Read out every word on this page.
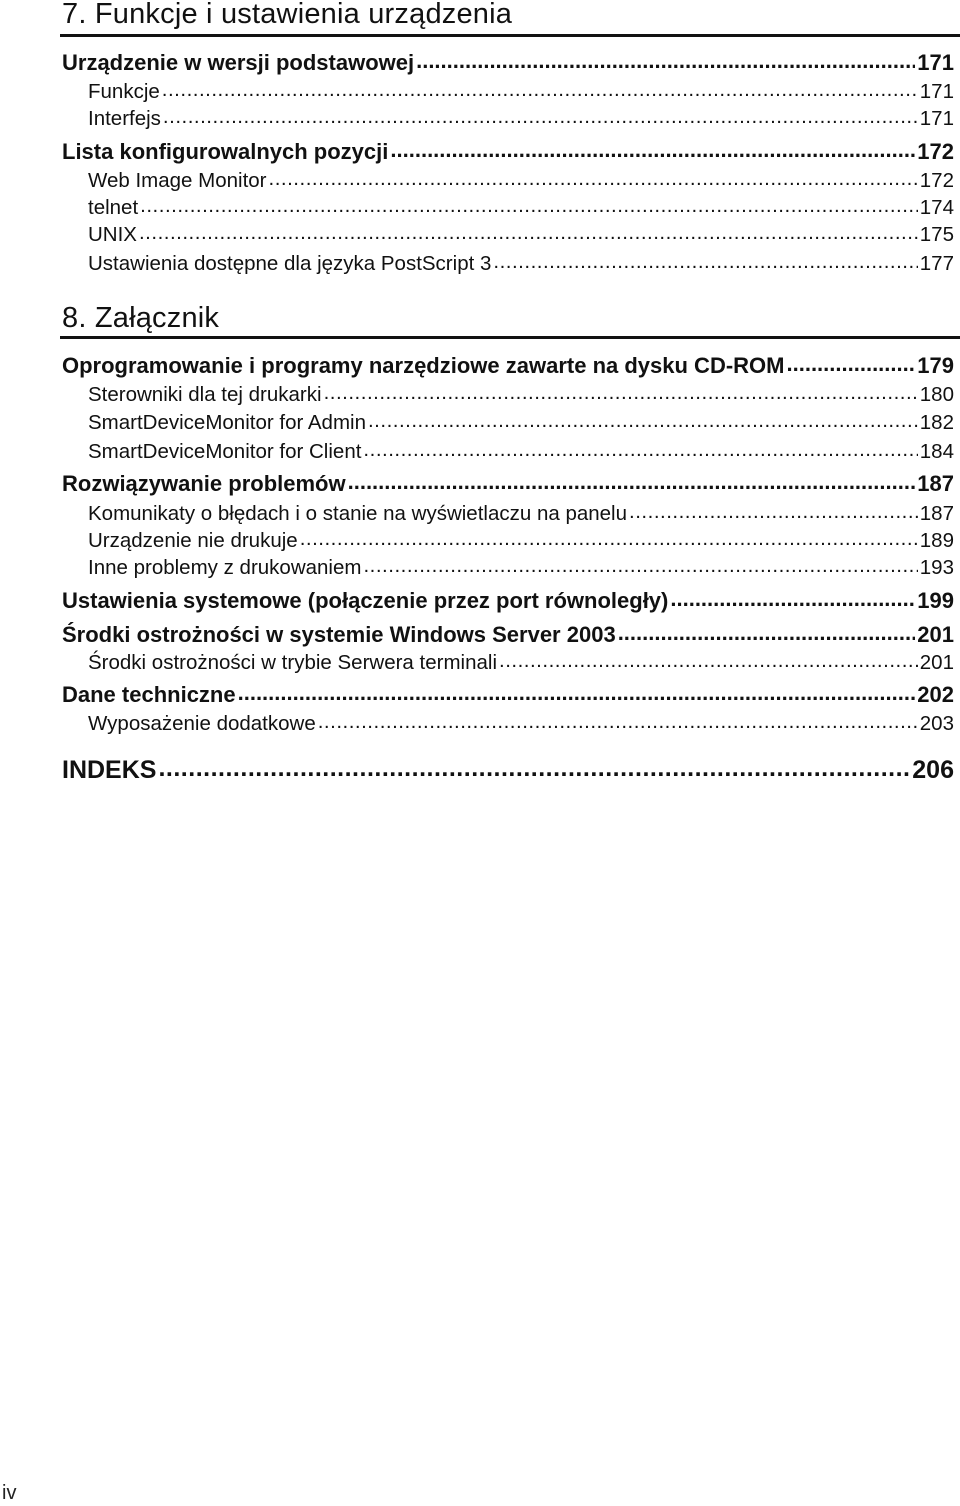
7. Funkcje i ustawienia urządzenia
Urządzenie w wersji podstawowej .....	171
Funkcje .....	171
Interfejs .....	171
Lista konfigurowalnych pozycji .....	172
Web Image Monitor .....	172
telnet .....	174
UNIX .....	175
Ustawienia dostępne dla języka PostScript 3 .....	177
8. Załącznik
Oprogramowanie i programy narzędziowe zawarte na dysku CD-ROM .....	179
Sterowniki dla tej drukarki .....	180
SmartDeviceMonitor for Admin .....	182
SmartDeviceMonitor for Client .....	184
Rozwiązywanie problemów .....	187
Komunikaty o błędach i o stanie na wyświetlaczu na panelu .....	187
Urządzenie nie drukuje .....	189
Inne problemy z drukowaniem .....	193
Ustawienia systemowe (połączenie przez port równoległy) .....	199
Środki ostrożności w systemie Windows Server 2003 .....	201
Środki ostrożności w trybie Serwera terminali .....	201
Dane techniczne .....	202
Wyposażenie dodatkowe .....	203
INDEKS .....	206
iv
